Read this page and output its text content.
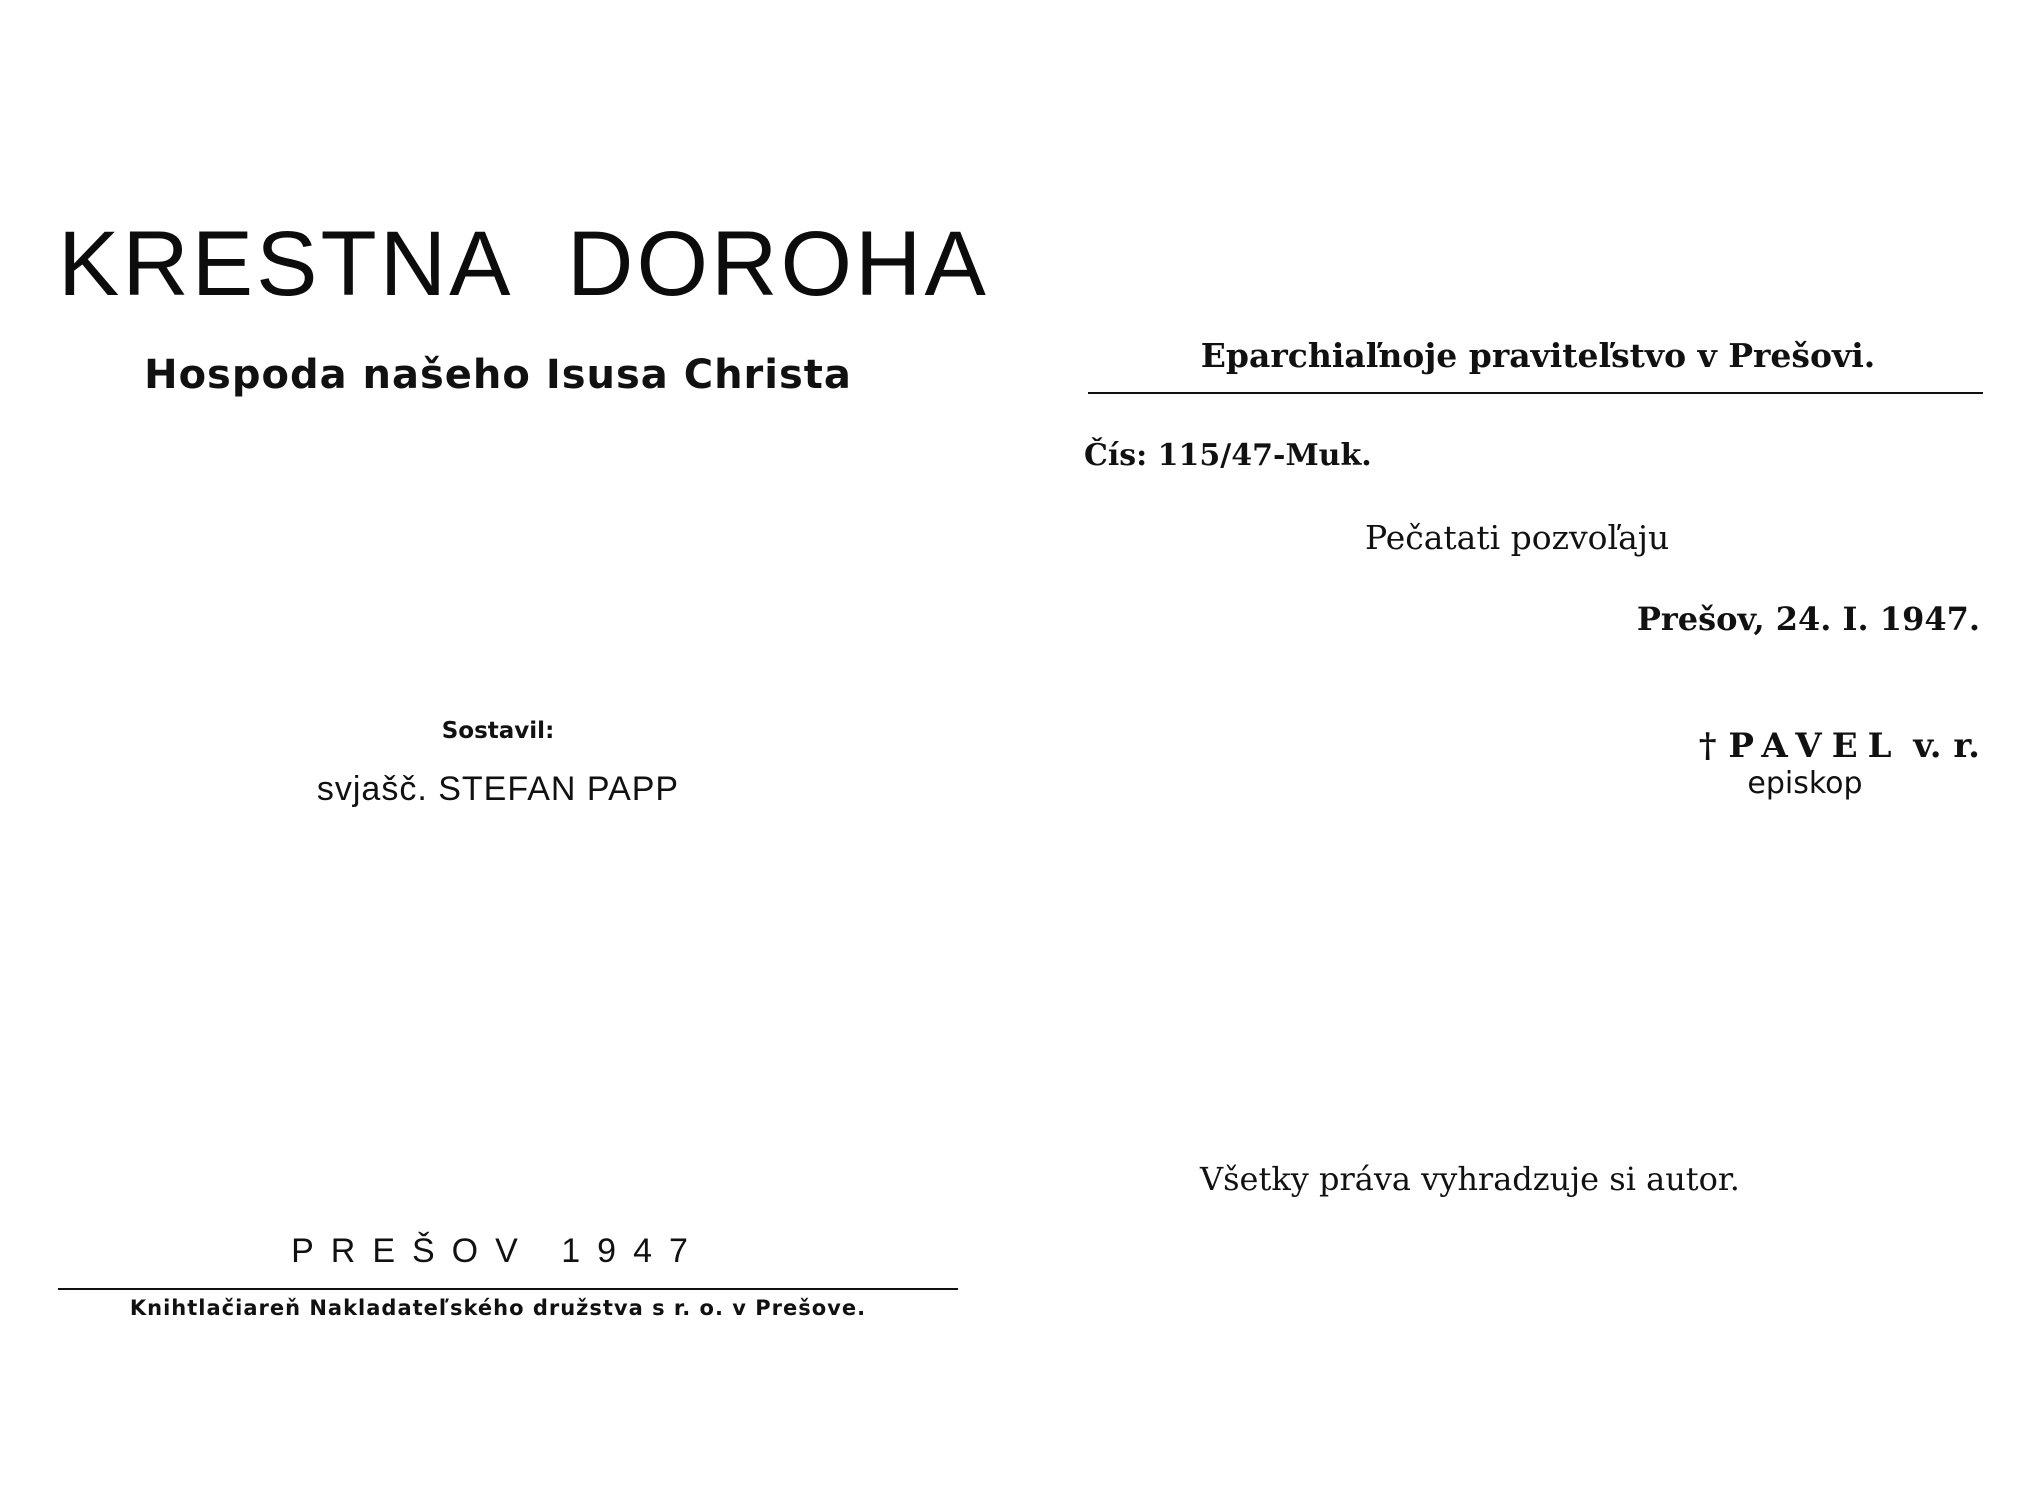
KRESTNA DOROHA
Hospoda našeho Isusa Christa
Sostavil:
svjašč. STEFAN PAPP
PREŠOV 1947
Knihtlačiareň Nakladateľského družstva s r. o. v Prešove.
Eparchiaľnoje praviteľstvo v Prešovi.
Čís: 115/47-Muk.
Pečatati pozvoľaju
Prešov, 24. I. 1947.
† PAVEL v. r.
episkop
Všetky práva vyhradzuje si autor.
